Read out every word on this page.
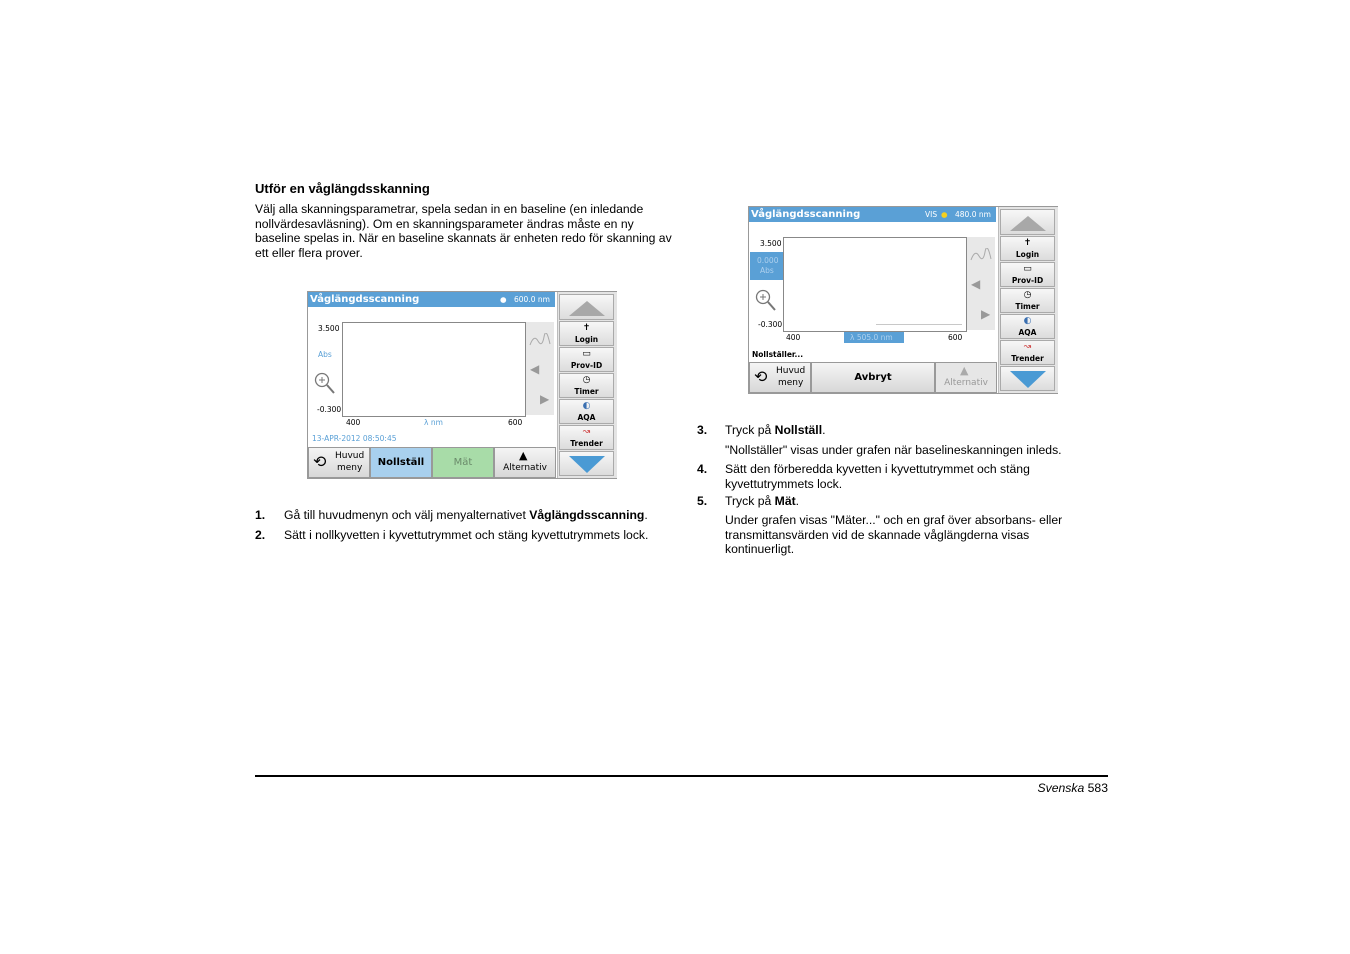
Utför en våglängdsskanning
Välj alla skanningsparametrar, spela sedan in en baseline (en inledande nollvärdesavläsning). Om en skanningsparameter ändras måste en ny baseline spelas in. När en baseline skannats är enheten redo för skanning av ett eller flera prover.
Våglängdsscanning	● 600.0 nm
3.500
Abs
-0.300
400	λ nm	600
13-APR-2012 08:50:45
◀
▶
✝
Login
▭
Prov-ID
◷
Timer
◐
AQA
↝
Trender
⟲ Huvud
meny	Nollställ	Mät
▲
Alternativ
1. Gå till huvudmenyn och välj menyalternativet Våglängdsscanning.
2. Sätt i nollkyvetten i kyvettutrymmet och stäng kyvettutrymmets lock.
Våglängdsscanning	VIS ● 480.0 nm
3.500
0.000
Abs
-0.300
400	λ 505.0 nm	600
Nollställer...
◀
▶
✝
Login
▭
Prov-ID
◷
Timer
◐
AQA
↝
Trender
⟲ Huvud
meny	Avbryt
▲
Alternativ
3. Tryck på Nollställ.
"Nollställer" visas under grafen när baselineskanningen inleds.
4. Sätt den förberedda kyvetten i kyvettutrymmet och stäng kyvettutrymmets lock.
5. Tryck på Mät.
Under grafen visas "Mäter..." och en graf över absorbans- eller transmittansvärden vid de skannade våglängderna visas kontinuerligt.
Svenska 583
